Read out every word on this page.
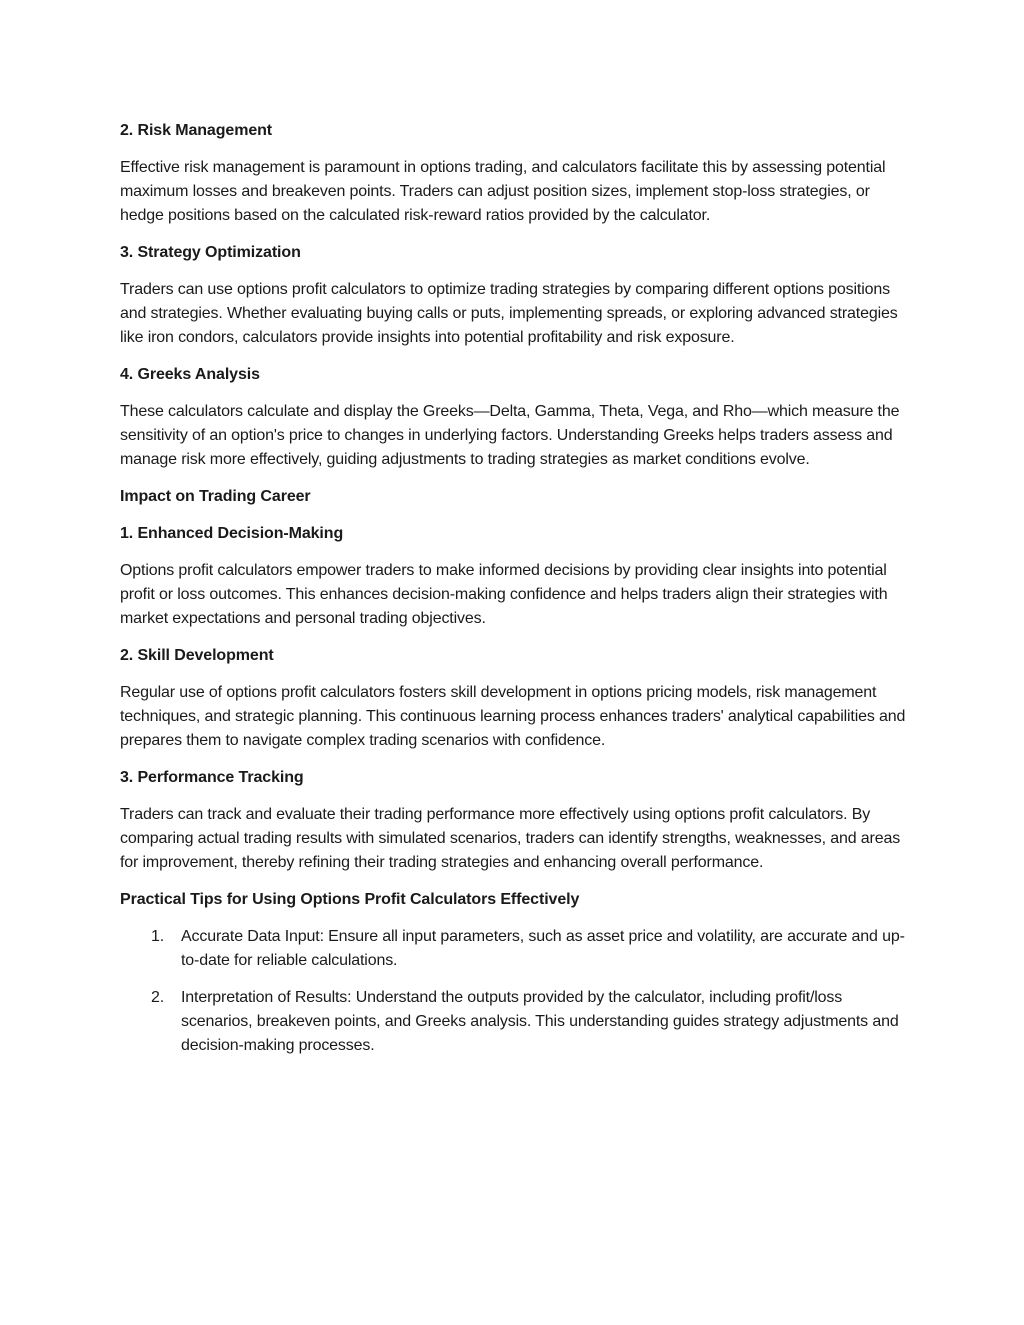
2. Risk Management

Effective risk management is paramount in options trading, and calculators facilitate this by assessing potential maximum losses and breakeven points. Traders can adjust position sizes, implement stop-loss strategies, or hedge positions based on the calculated risk-reward ratios provided by the calculator.

3. Strategy Optimization

Traders can use options profit calculators to optimize trading strategies by comparing different options positions and strategies. Whether evaluating buying calls or puts, implementing spreads, or exploring advanced strategies like iron condors, calculators provide insights into potential profitability and risk exposure.

4. Greeks Analysis

These calculators calculate and display the Greeks—Delta, Gamma, Theta, Vega, and Rho—which measure the sensitivity of an option's price to changes in underlying factors. Understanding Greeks helps traders assess and manage risk more effectively, guiding adjustments to trading strategies as market conditions evolve.

Impact on Trading Career

1. Enhanced Decision-Making

Options profit calculators empower traders to make informed decisions by providing clear insights into potential profit or loss outcomes. This enhances decision-making confidence and helps traders align their strategies with market expectations and personal trading objectives.

2. Skill Development

Regular use of options profit calculators fosters skill development in options pricing models, risk management techniques, and strategic planning. This continuous learning process enhances traders' analytical capabilities and prepares them to navigate complex trading scenarios with confidence.

3. Performance Tracking

Traders can track and evaluate their trading performance more effectively using options profit calculators. By comparing actual trading results with simulated scenarios, traders can identify strengths, weaknesses, and areas for improvement, thereby refining their trading strategies and enhancing overall performance.

Practical Tips for Using Options Profit Calculators Effectively

1. Accurate Data Input: Ensure all input parameters, such as asset price and volatility, are accurate and up-to-date for reliable calculations.
2. Interpretation of Results: Understand the outputs provided by the calculator, including profit/loss scenarios, breakeven points, and Greeks analysis. This understanding guides strategy adjustments and decision-making processes.
